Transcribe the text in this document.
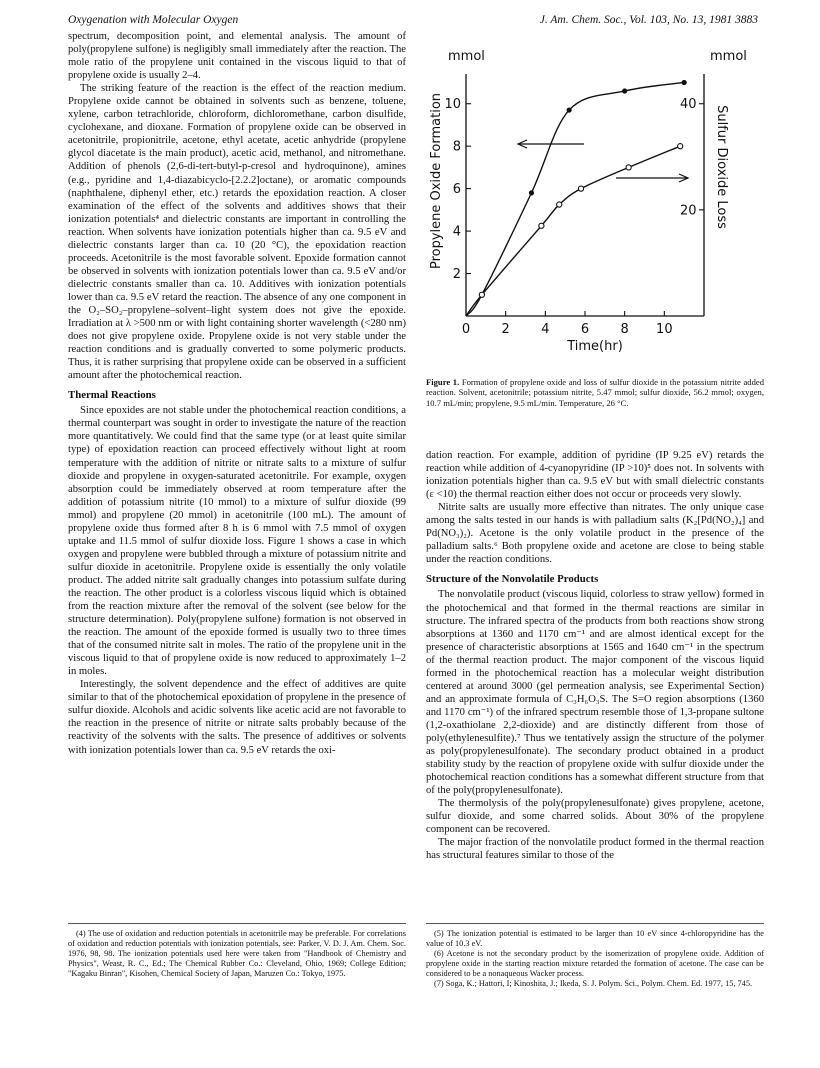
Oxygenation with Molecular Oxygen	J. Am. Chem. Soc., Vol. 103, No. 13, 1981 3883

spectrum, decomposition point, and elemental analysis. The amount of poly(propylene sulfone) is negligibly small immediately after the reaction. The mole ratio of the propylene unit contained in the viscous liquid to that of propylene oxide is usually 2–4.

The striking feature of the reaction is the effect of the reaction medium. Propylene oxide cannot be obtained in solvents such as benzene, toluene, xylene, carbon tetrachloride, chloroform, dichloromethane, carbon disulfide, cyclohexane, and dioxane. Formation of propylene oxide can be observed in acetonitrile, propionitrile, acetone, ethyl acetate, acetic anhydride (propylene glycol diacetate is the main product), acetic acid, methanol, and nitromethane. Addition of phenols (2,6-di-tert-butyl-p-cresol and hydroquinone), amines (e.g., pyridine and 1,4-diazabicyclo-[2.2.2]octane), or aromatic compounds (naphthalene, diphenyl ether, etc.) retards the epoxidation reaction. A closer examination of the effect of the solvents and additives shows that their ionization potentials⁴ and dielectric constants are important in controlling the reaction. When solvents have ionization potentials higher than ca. 9.5 eV and dielectric constants larger than ca. 10 (20 °C), the epoxidation reaction proceeds. Acetonitrile is the most favorable solvent. Epoxide formation cannot be observed in solvents with ionization potentials lower than ca. 9.5 eV and/or dielectric constants smaller than ca. 10. Additives with ionization potentials lower than ca. 9.5 eV retard the reaction. The absence of any one component in the O₂–SO₂–propylene–solvent–light system does not give the epoxide. Irradiation at λ >500 nm or with light containing shorter wavelength (<280 nm) does not give propylene oxide. Propylene oxide is not very stable under the reaction conditions and is gradually converted to some polymeric products. Thus, it is rather surprising that propylene oxide can be observed in a sufficient amount after the photochemical reaction.

Thermal Reactions

Since epoxides are not stable under the photochemical reaction conditions, a thermal counterpart was sought in order to investigate the nature of the reaction more quantitatively. We could find that the same type (or at least quite similar type) of epoxidation reaction can proceed effectively without light at room temperature with the addition of nitrite or nitrate salts to a mixture of sulfur dioxide and propylene in oxygen-saturated acetonitrile. For example, oxygen absorption could be immediately observed at room temperature after the addition of potassium nitrite (10 mmol) to a mixture of sulfur dioxide (99 mmol) and propylene (20 mmol) in acetonitrile (100 mL). The amount of propylene oxide thus formed after 8 h is 6 mmol with 7.5 mmol of oxygen uptake and 11.5 mmol of sulfur dioxide loss. Figure 1 shows a case in which oxygen and propylene were bubbled through a mixture of potassium nitrite and sulfur dioxide in acetonitrile. Propylene oxide is essentially the only volatile product. The added nitrite salt gradually changes into potassium sulfate during the reaction. The other product is a colorless viscous liquid which is obtained from the reaction mixture after the removal of the solvent (see below for the structure determination). Poly(propylene sulfone) formation is not observed in the reaction. The amount of the epoxide formed is usually two to three times that of the consumed nitrite salt in moles. The ratio of the propylene unit in the viscous liquid to that of propylene oxide is now reduced to approximately 1–2 in moles.

Interestingly, the solvent dependence and the effect of additives are quite similar to that of the photochemical epoxidation of propylene in the presence of sulfur dioxide. Alcohols and acidic solvents like acetic acid are not favorable to the reaction in the presence of nitrite or nitrate salts probably because of the reactivity of the solvents with the salts. The presence of additives or solvents with ionization potentials lower than ca. 9.5 eV retards the oxi-

mmol	mmol
0 2 4 6 8 10
2
4
6
8
10
20
40
Time(hr)
Propylene Oxide Formation	Sulfur Dioxide Loss
Figure 1. Formation of propylene oxide and loss of sulfur dioxide in the potassium nitrite added reaction. Solvent, acetonitrile; potassium nitrite, 5.47 mmol; sulfur dioxide, 56.2 mmol; oxygen, 10.7 mL/min; propylene, 9.5 mL/min. Temperature, 26 °C.

dation reaction. For example, addition of pyridine (IP 9.25 eV) retards the reaction while addition of 4-cyanopyridine (IP >10)⁵ does not. In solvents with ionization potentials higher than ca. 9.5 eV but with small dielectric constants (ε <10) the thermal reaction either does not occur or proceeds very slowly.

Nitrite salts are usually more effective than nitrates. The only unique case among the salts tested in our hands is with palladium salts (K₂[Pd(NO₂)₄] and Pd(NO₃)₂). Acetone is the only volatile product in the presence of the palladium salts.⁶ Both propylene oxide and acetone are close to being stable under the reaction conditions.

Structure of the Nonvolatile Products

The nonvolatile product (viscous liquid, colorless to straw yellow) formed in the photochemical and that formed in the thermal reactions are similar in structure. The infrared spectra of the products from both reactions show strong absorptions at 1360 and 1170 cm⁻¹ and are almost identical except for the presence of characteristic absorptions at 1565 and 1640 cm⁻¹ in the spectrum of the thermal reaction product. The major component of the viscous liquid formed in the photochemical reaction has a molecular weight distribution centered at around 3000 (gel permeation analysis, see Experimental Section) and an approximate formula of C₃H₆O₃S. The S=O region absorptions (1360 and 1170 cm⁻¹) of the infrared spectrum resemble those of 1,3-propane sultone (1,2-oxathiolane 2,2-dioxide) and are distinctly different from those of poly(ethylenesulfite).⁷ Thus we tentatively assign the structure of the polymer as poly(propylenesulfonate). The secondary product obtained in a product stability study by the reaction of propylene oxide with sulfur dioxide under the photochemical reaction conditions has a somewhat different structure from that of the poly(propylenesulfonate).

The thermolysis of the poly(propylenesulfonate) gives propylene, acetone, sulfur dioxide, and some charred solids. About 30% of the propylene component can be recovered.

The major fraction of the nonvolatile product formed in the thermal reaction has structural features similar to those of the

(4) The use of oxidation and reduction potentials in acetonitrile may be preferable. For correlations of oxidation and reduction potentials with ionization potentials, see: Parker, V. D. J. Am. Chem. Soc. 1976, 98, 98. The ionization potentials used here were taken from "Handbook of Chemistry and Physics", Weast, R. C., Ed.; The Chemical Rubber Co.: Cleveland, Ohio, 1969; College Edition; "Kagaku Binran", Kisohen, Chemical Society of Japan, Maruzen Co.: Tokyo, 1975.

(5) The ionization potential is estimated to be larger than 10 eV since 4-chloropyridine has the value of 10.3 eV.

(6) Acetone is not the secondary product by the isomerization of propylene oxide. Addition of propylene oxide in the starting reaction mixture retarded the formation of acetone. The case can be considered to be a nonaqueous Wacker process.

(7) Soga, K.; Hattori, I; Kinoshita, J.; Ikeda, S. J. Polym. Sci., Polym. Chem. Ed. 1977, 15, 745.
